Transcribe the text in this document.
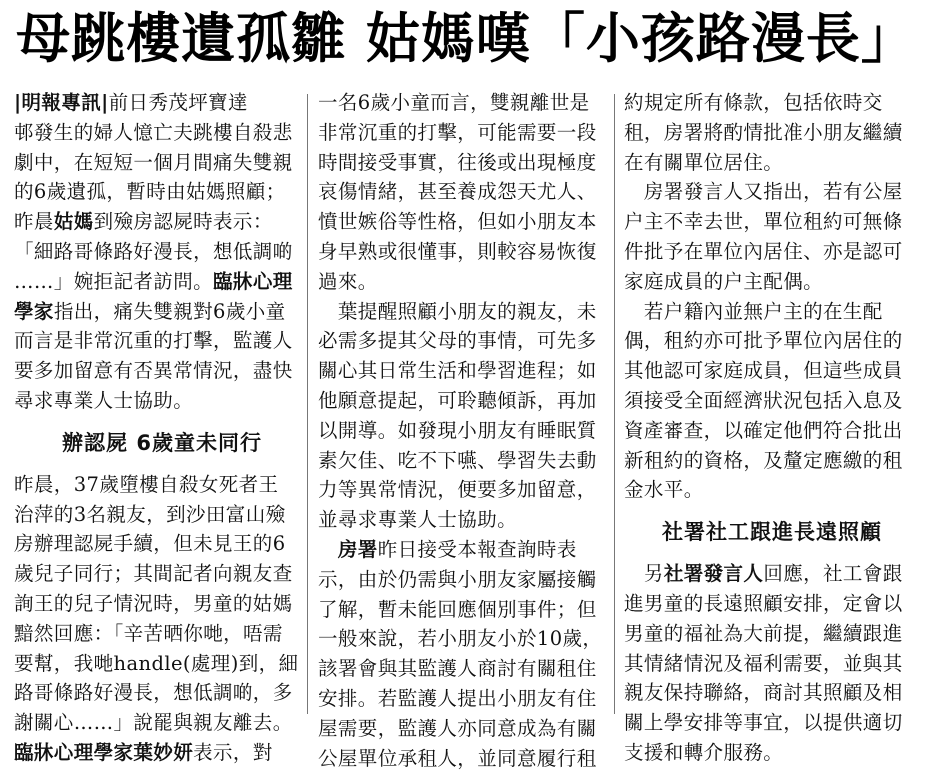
母跳樓遺孤雛 姑媽嘆「小孩路漫長」
|明報專訊|前日秀茂坪寶達
邨發生的婦人憶亡夫跳樓自殺悲
劇中，在短短一個月間痛失雙親
的6歲遺孤，暫時由姑媽照顧；
昨晨姑媽到殮房認屍時表示：
「細路哥條路好漫長，想低調啲
……」婉拒記者訪問。臨牀心理
學家指出，痛失雙親對6歲小童
而言是非常沉重的打擊，監護人
要多加留意有否異常情況，盡快
尋求專業人士協助。
辦認屍 6歲童未同行
昨晨，37歲墮樓自殺女死者王
治萍的3名親友，到沙田富山殮
房辦理認屍手續，但未見王的6
歲兒子同行；其間記者向親友查
詢王的兒子情況時，男童的姑媽
黯然回應：「辛苦晒你哋，唔需
要幫，我哋handle(處理)到，細
路哥條路好漫長，想低調啲，多
謝關心……」說罷與親友離去。
臨牀心理學家葉妙妍表示，對
一名6歲小童而言，雙親離世是
非常沉重的打擊，可能需要一段
時間接受事實，往後或出現極度
哀傷情緒，甚至養成怨天尤人、
憤世嫉俗等性格，但如小朋友本
身早熟或很懂事，則較容易恢復
過來。
　葉提醒照顧小朋友的親友，未
必需多提其父母的事情，可先多
關心其日常生活和學習進程；如
他願意提起，可聆聽傾訴，再加
以開導。如發現小朋友有睡眠質
素欠佳、吃不下嚥、學習失去動
力等異常情況，便要多加留意，
並尋求專業人士協助。
　房署昨日接受本報查詢時表
示，由於仍需與小朋友家屬接觸
了解，暫未能回應個別事件；但
一般來說，若小朋友小於10歲，
該署會與其監護人商討有關租住
安排。若監護人提出小朋友有住
屋需要，監護人亦同意成為有關
公屋單位承租人，並同意履行租
約規定所有條款，包括依時交
租，房署將酌情批准小朋友繼續
在有關單位居住。
　房署發言人又指出，若有公屋
户主不幸去世，單位租約可無條
件批予在單位內居住、亦是認可
家庭成員的户主配偶。
　若户籍內並無户主的在生配
偶，租約亦可批予單位內居住的
其他認可家庭成員，但這些成員
須接受全面經濟狀況包括入息及
資產審查，以確定他們符合批出
新租約的資格，及釐定應繳的租
金水平。
社署社工跟進長遠照顧
　另社署發言人回應，社工會跟
進男童的長遠照顧安排，定會以
男童的福祉為大前提，繼續跟進
其情緒情況及福利需要，並與其
親友保持聯絡，商討其照顧及相
關上學安排等事宜，以提供適切
支援和轉介服務。
